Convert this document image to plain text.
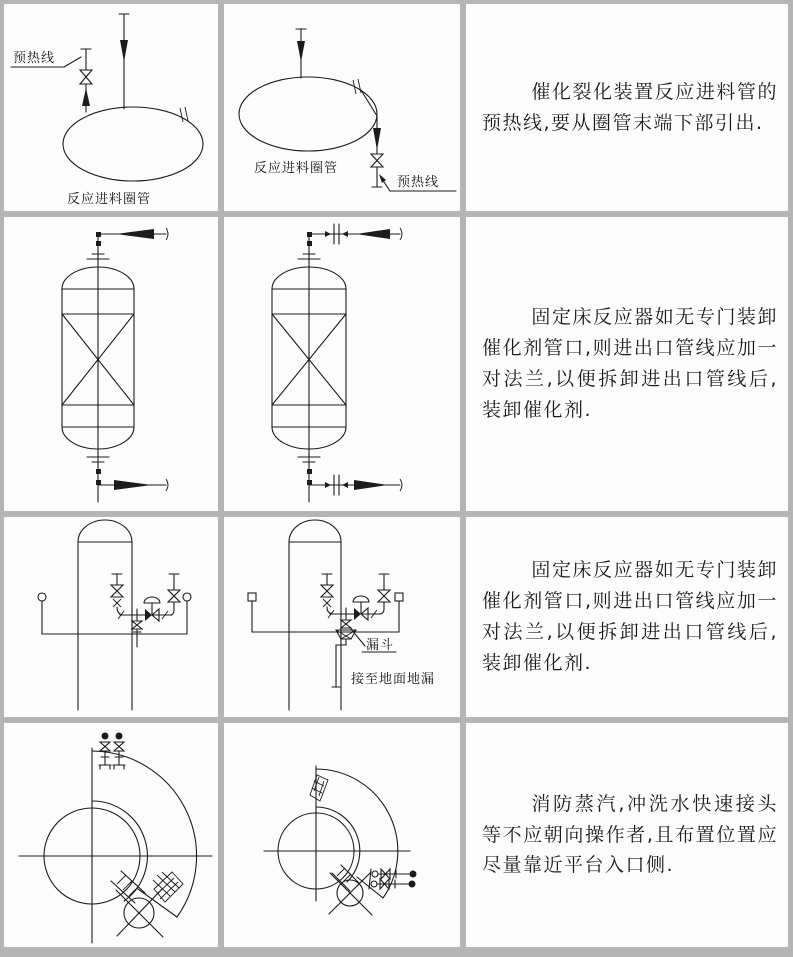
预热线
反应进料圈管
预热线
反应进料圈管

催化裂化装置反应进料管的预热线,要从圈管末端下部引出.

固定床反应器如无专门装卸催化剂管口,则进出口管线应加一对法兰,以便拆卸进出口管线后,装卸催化剂.

漏斗
接至地面地漏

固定床反应器如无专门装卸催化剂管口,则进出口管线应加一对法兰,以便拆卸进出口管线后,装卸催化剂.

消防蒸汽,冲洗水快速接头等不应朝向操作者,且布置位置应尽量靠近平台入口侧.
